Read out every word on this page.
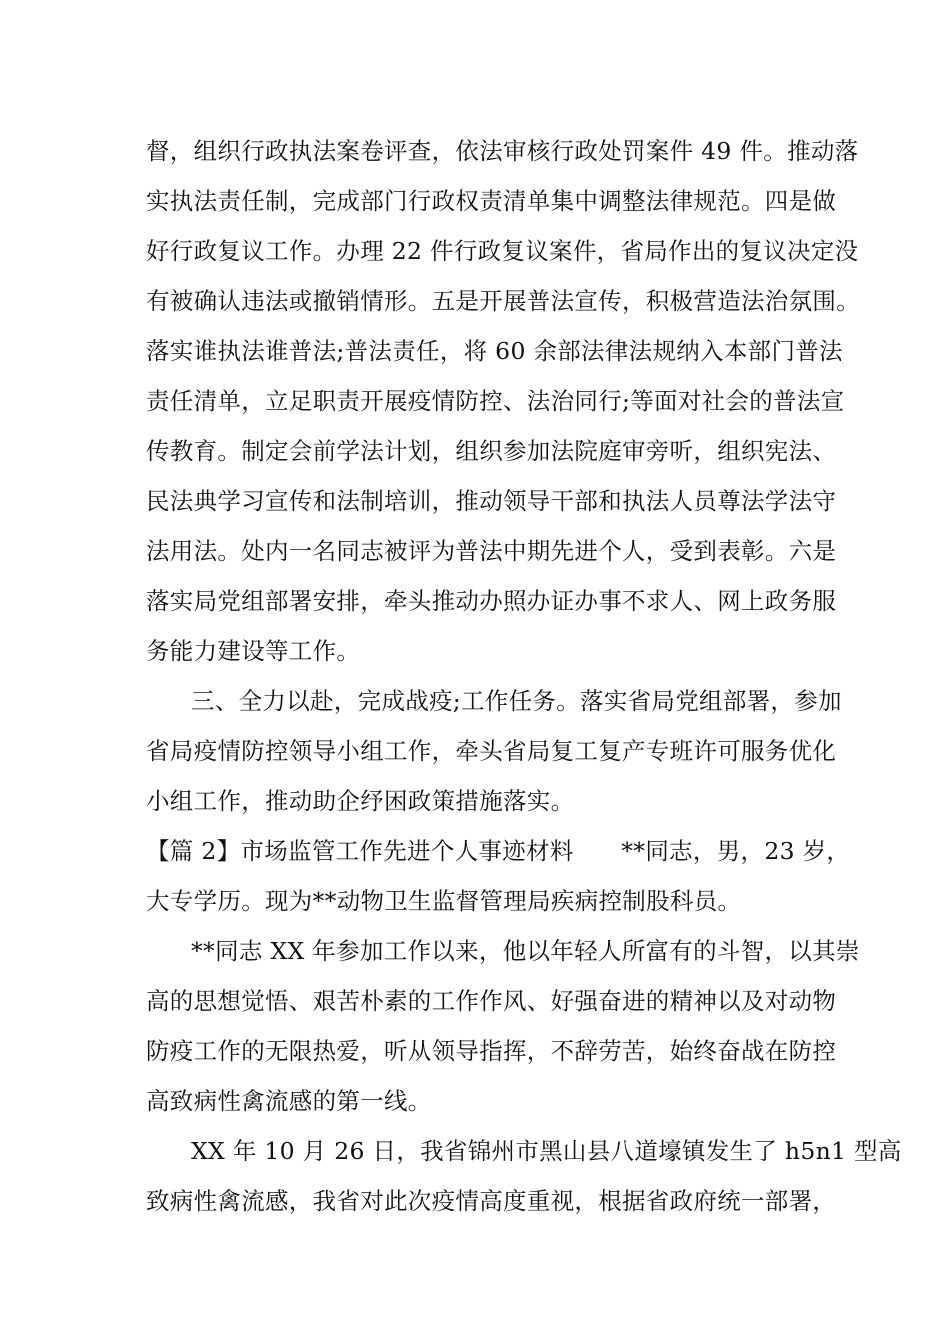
督，组织行政执法案卷评查，依法审核行政处罚案件 49 件。推动落
实执法责任制，完成部门行政权责清单集中调整法律规范。四是做
好行政复议工作。办理 22 件行政复议案件，省局作出的复议决定没
有被确认违法或撤销情形。五是开展普法宣传，积极营造法治氛围。
落实谁执法谁普法;普法责任，将 60 余部法律法规纳入本部门普法
责任清单，立足职责开展疫情防控、法治同行;等面对社会的普法宣
传教育。制定会前学法计划，组织参加法院庭审旁听，组织宪法、
民法典学习宣传和法制培训，推动领导干部和执法人员尊法学法守
法用法。处内一名同志被评为普法中期先进个人，受到表彰。六是
落实局党组部署安排，牵头推动办照办证办事不求人、网上政务服
务能力建设等工作。
三、全力以赴，完成战疫;工作任务。落实省局党组部署，参加
省局疫情防控领导小组工作，牵头省局复工复产专班许可服务优化
小组工作，推动助企纾困政策措施落实。
【篇 2】市场监管工作先进个人事迹材料　　**同志，男，23 岁，
大专学历。现为**动物卫生监督管理局疾病控制股科员。
**同志 XX 年参加工作以来，他以年轻人所富有的斗智，以其崇
高的思想觉悟、艰苦朴素的工作作风、好强奋进的精神以及对动物
防疫工作的无限热爱，听从领导指挥，不辞劳苦，始终奋战在防控
高致病性禽流感的第一线。
XX 年 10 月 26 日，我省锦州市黑山县八道壕镇发生了 h5n1 型高
致病性禽流感，我省对此次疫情高度重视，根据省政府统一部署，
